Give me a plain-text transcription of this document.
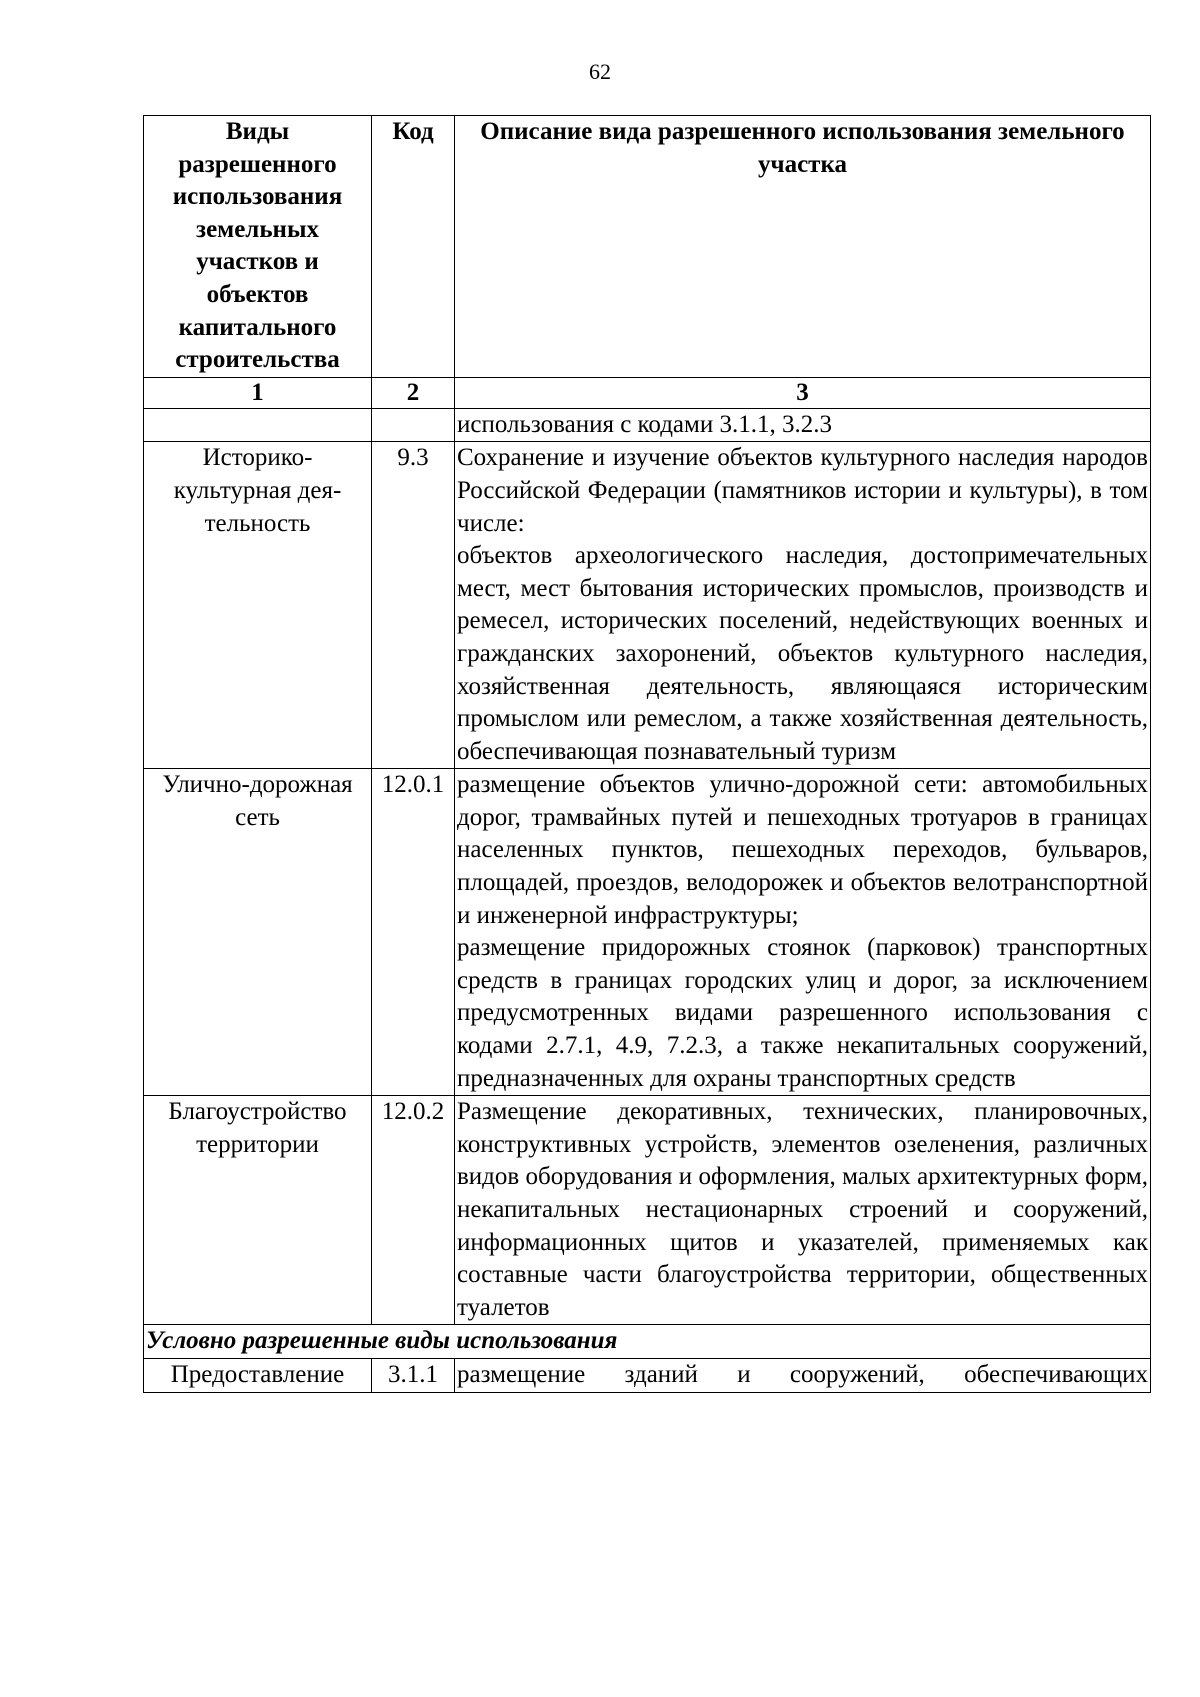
62
Виды разрешенного использования земельных участков и объектов капитального строительства	Код	Описание вида разрешенного использования земельного участка
1	2	3

		использования с кодами 3.1.1, 3.2.3

Историко-культурная дея-тельность	9.3	Сохранение и изучение объектов культурного наследия народов Российской Федерации (памятников истории и культуры), в том числе:

объектов археологического наследия, достопримечательных мест, мест бытования исторических промыслов, производств и ремесел, исторических поселений, недействующих военных и гражданских захоронений, объектов культурного наследия, хозяйственная деятельность, являющаяся историческим промыслом или ремеслом, а также хозяйственная деятельность, обеспечивающая познавательный туризм

Улично-дорожная сеть	12.0.1	размещение объектов улично-дорожной сети: автомобильных дорог, трамвайных путей и пешеходных тротуаров в границах населенных пунктов, пешеходных переходов, бульваров, площадей, проездов, велодорожек и объектов велотранспортной и инженерной инфраструктуры;

размещение придорожных стоянок (парковок) транспортных средств в границах городских улиц и дорог, за исключением предусмотренных видами разрешенного использования с кодами 2.7.1, 4.9, 7.2.3, а также некапитальных сооружений, предназначенных для охраны транспортных средств

Благоустройство территории	12.0.2	Размещение декоративных, технических, планировочных, конструктивных устройств, элементов озеленения, различных видов оборудования и оформления, малых архитектурных форм, некапитальных нестационарных строений и сооружений, информационных щитов и указателей, применяемых как составные части благоустройства территории, общественных туалетов

Условно разрешенные виды использования		
Предоставление	3.1.1	размещение зданий и сооружений, обеспечивающих
